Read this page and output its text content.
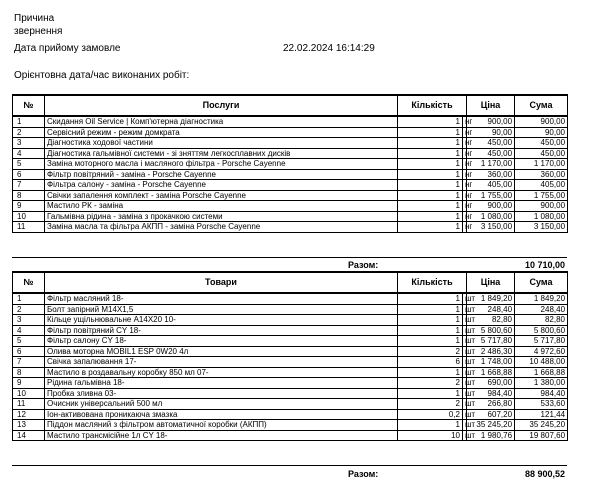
Причина
звернення
Дата прийому замовле	22.02.2024 16:14:29
Орієнтовна дата/час виконаних робіт:
№	Послуги	Кількість		Ціна	Сума
1	Скидання Oil Service | Комп'ютерна діагностика	1	нг	900,00	900,00
2	Сервісний режим - режим домкрата	1	нг	90,00	90,00
3	Діагностика ходової частини	1	нг	450,00	450,00
4	Діагностика гальмівної системи - зі зняттям легкосплавних дисків	1	нг	450,00	450,00
5	Заміна моторного масла і масляного фільтра - Porsche Cayenne	1	нг	1 170,00	1 170,00
6	Фільтр повітряний - заміна - Porsche Cayenne	1	нг	360,00	360,00
7	Фільтра салону - заміна - Porsche Cayenne	1	нг	405,00	405,00
8	Свічки запалення комплект - заміна Porsche Cayenne	1	нг	1 755,00	1 755,00
9	Мастило РК - заміна	1	нг	900,00	900,00
10	Гальмівна рідина - заміна з прокачкою системи	1	нг	1 080,00	1 080,00
11	Заміна масла та фільтра АКПП - заміна Porsche Cayenne	1	нг	3 150,00	3 150,00
Разом:	10 710,00
№	Товари	Кількість		Ціна	Сума
1	Фільтр масляний 18-	1	шт	1 849,20	1 849,20
2	Болт запірний M14X1,5	1	шт	248,40	248,40
3	Кільце ущільнювальне A14X20 10-	1	шт	82,80	82,80
4	Фільтр повітряний CY 18-	1	шт	5 800,60	5 800,60
5	Фільтр салону CY 18-	1	шт	5 717,80	5 717,80
6	Олива моторна MOBIL1 ESP 0W20 4л	2	шт	2 486,30	4 972,60
7	Свічка запалювання 17-	6	шт	1 748,00	10 488,00
8	Мастило в роздавальну коробку 850 мл 07-	1	шт	1 668,88	1 668,88
9	Рідина гальмівна 18-	2	шт	690,00	1 380,00
10	Пробка зливна 03-	1	шт	984,40	984,40
11	Очисник універсальний 500 мл	2	шт	266,80	533,60
12	Іон-активована проникаюча змазка	0,2	шт	607,20	121,44
13	Піддон масляний з фільтром автоматичної коробки (АКПП)	1	шт	35 245,20	35 245,20
14	Мастило трансмісійне 1л CY 18-	10	шт	1 980,76	19 807,60
Разом:	88 900,52
